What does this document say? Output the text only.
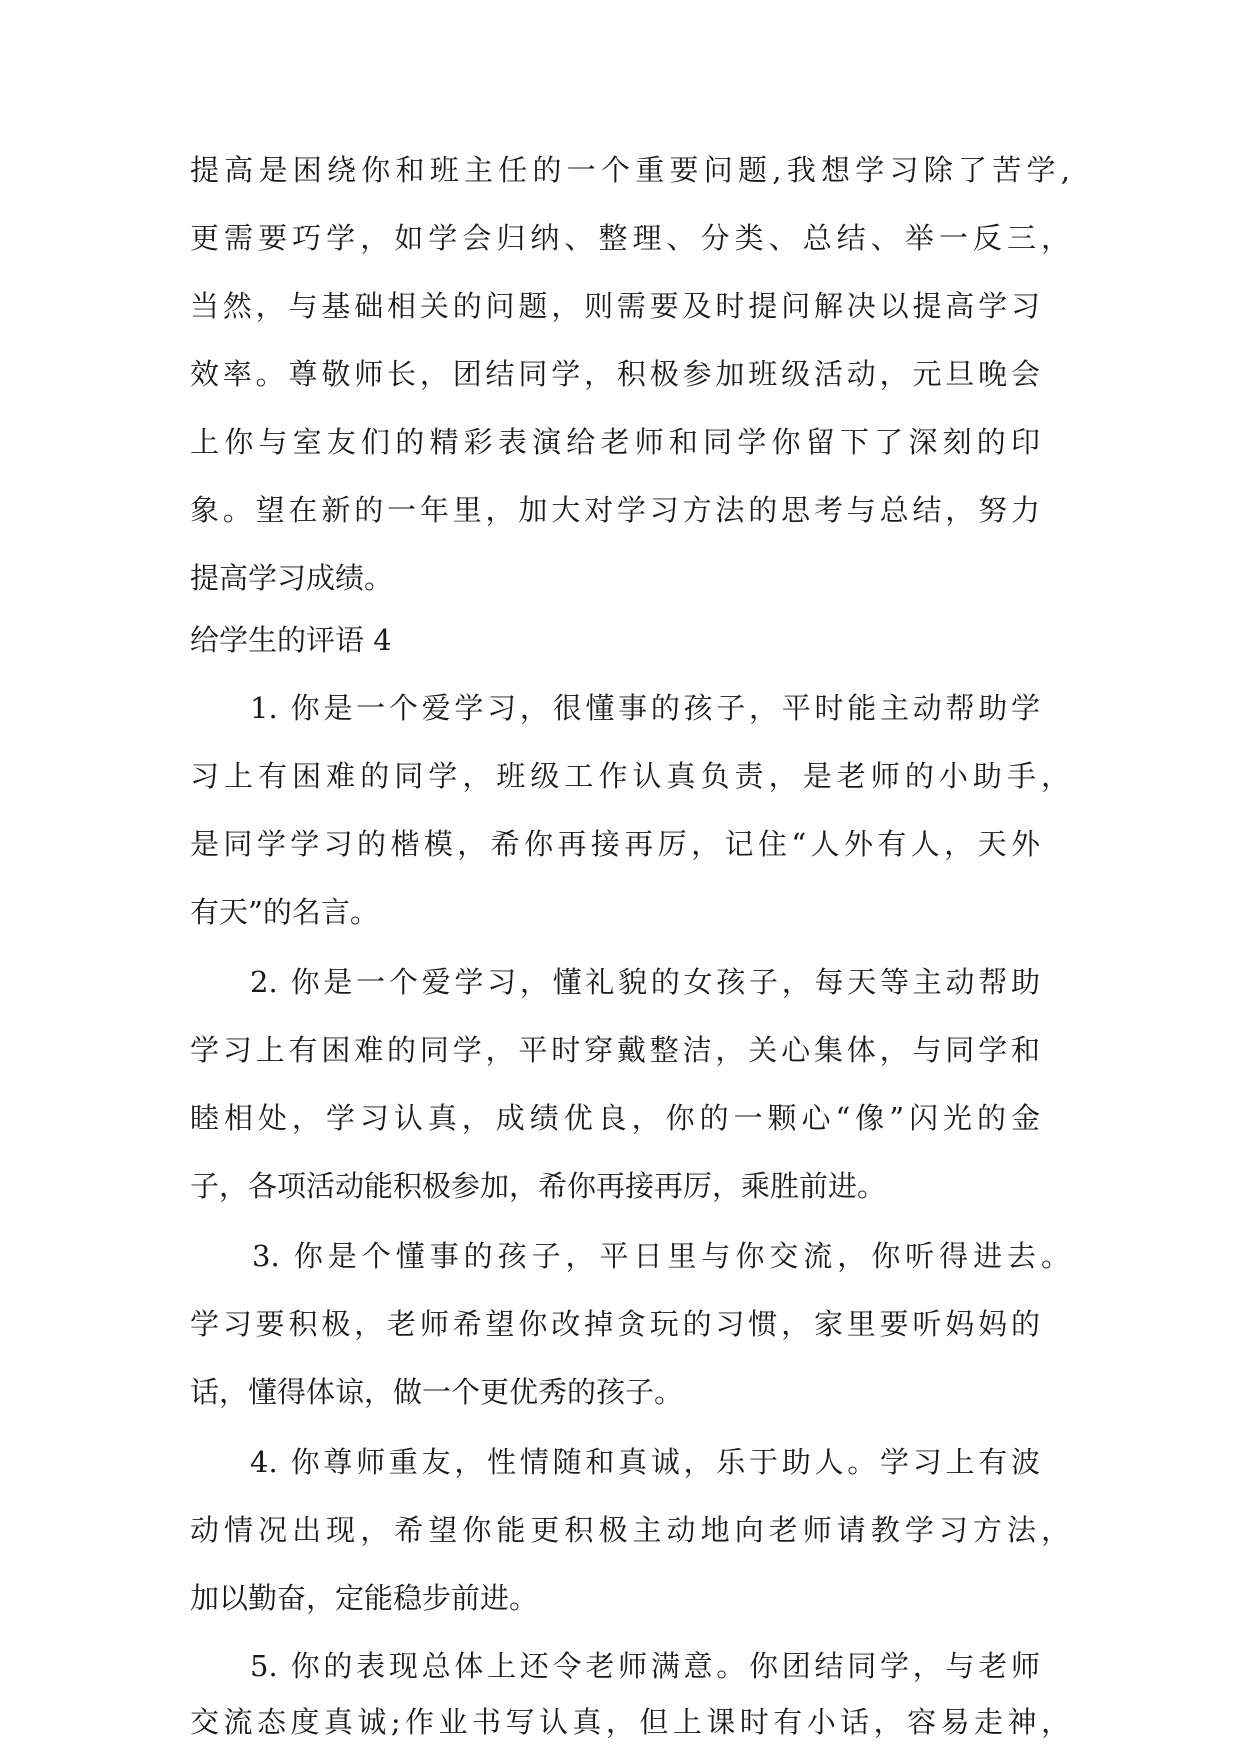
提高是困绕你和班主任的一个重要问题,我想学习除了苦学,
更需要巧学，如学会归纳、整理、分类、总结、举一反三，
当然，与基础相关的问题，则需要及时提问解决以提高学习
效率。尊敬师长，团结同学，积极参加班级活动，元旦晚会
上你与室友们的精彩表演给老师和同学你留下了深刻的印
象。望在新的一年里，加大对学习方法的思考与总结，努力
提高学习成绩。
给学生的评语 4
1. 你是一个爱学习，很懂事的孩子，平时能主动帮助学
习上有困难的同学，班级工作认真负责，是老师的小助手，
是同学学习的楷模，希你再接再厉，记住“人外有人，天外
有天”的名言。
2. 你是一个爱学习，懂礼貌的女孩子，每天等主动帮助
学习上有困难的同学，平时穿戴整洁，关心集体，与同学和
睦相处，学习认真，成绩优良，你的一颗心“像”闪光的金
子，各项活动能积极参加，希你再接再厉，乘胜前进。
3. 你是个懂事的孩子，平日里与你交流，你听得进去。
学习要积极，老师希望你改掉贪玩的习惯，家里要听妈妈的
话，懂得体谅，做一个更优秀的孩子。
4. 你尊师重友，性情随和真诚，乐于助人。学习上有波
动情况出现，希望你能更积极主动地向老师请教学习方法，
加以勤奋，定能稳步前进。
5. 你的表现总体上还令老师满意。你团结同学，与老师
交流态度真诚;作业书写认真，但上课时有小话，容易走神，
